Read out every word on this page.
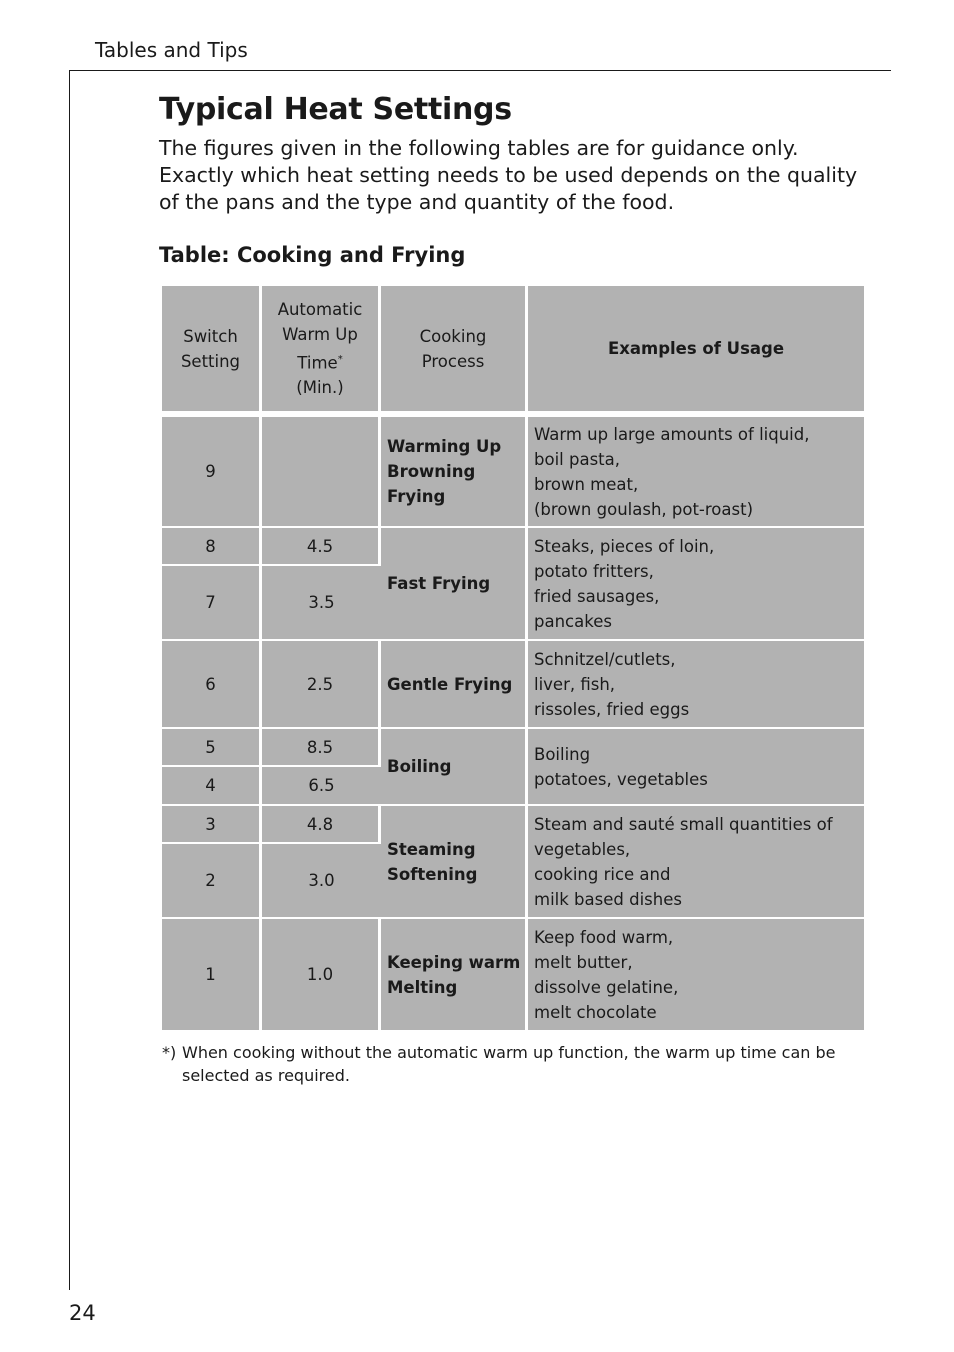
Tables and Tips
Typical Heat Settings

The figures given in the following tables are for guidance only. Exactly which heat setting needs to be used depends on the quality of the pans and the type and quantity of the food.

Table: Cooking and Frying
Switch
Setting	Automatic
Warm Up
Time*
(Min.)	Cooking
Process	Examples of Usage
9		Warming Up
Browning
Frying	Warm up large amounts of liquid,
boil pasta,
brown meat,
(brown goulash, pot-roast)
8	4.5	Fast Frying	Steaks, pieces of loin,
potato fritters,
fried sausages,
pancakes
7	3.5		
6	2.5	Gentle Frying	Schnitzel/cutlets,
liver, fish,
rissoles, fried eggs
5	8.5	Boiling	Boiling
potatoes, vegetables
4	6.5		
3	4.8	Steaming
Softening	Steam and sauté small quantities of
vegetables,
cooking rice and
milk based dishes
2	3.0		
1	1.0	Keeping warm
Melting	Keep food warm,
melt butter,
dissolve gelatine,
melt chocolate
*) When cooking without the automatic warm up function, the warm up time can be selected as required.
24
